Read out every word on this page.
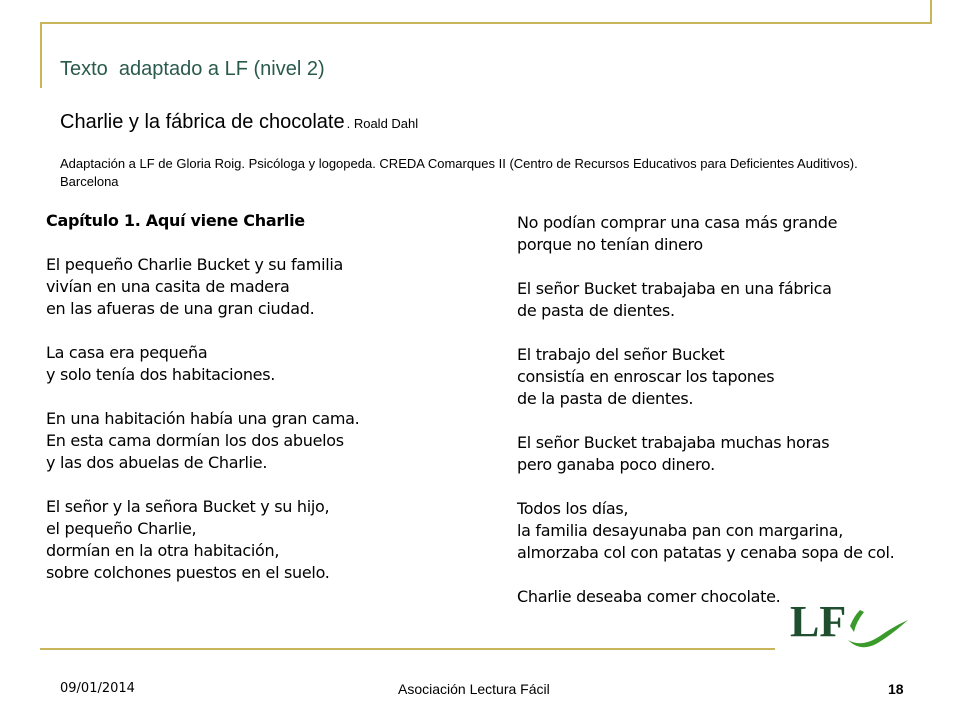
Texto  adaptado a LF (nivel 2)
Charlie y la fábrica de chocolate . Roald Dahl
Adaptación a LF de Gloria Roig. Psicóloga y logopeda. CREDA Comarques II (Centro de Recursos Educativos para Deficientes Auditivos). Barcelona
Capítulo 1. Aquí viene Charlie
El pequeño Charlie Bucket y su familia
vivían en una casita de madera
en las afueras de una gran ciudad.
La casa era pequeña
y solo tenía dos habitaciones.
En una habitación había una gran cama.
En esta cama dormían los dos abuelos
y las dos abuelas de Charlie.
El señor y la señora Bucket y su hijo,
el pequeño Charlie,
dormían en la otra habitación,
sobre colchones puestos en el suelo.
No podían comprar una casa más grande
porque no tenían dinero
El señor Bucket trabajaba en una fábrica
de pasta de dientes.
El trabajo del señor Bucket
consistía en enroscar los tapones
de la pasta de dientes.
El señor Bucket trabajaba muchas horas
pero ganaba poco dinero.
Todos los días,
la familia desayunaba pan con margarina,
almorzaba col con patatas y cenaba sopa de col.
Charlie deseaba comer chocolate.
LF
09/01/2014	Asociación Lectura Fácil	18
